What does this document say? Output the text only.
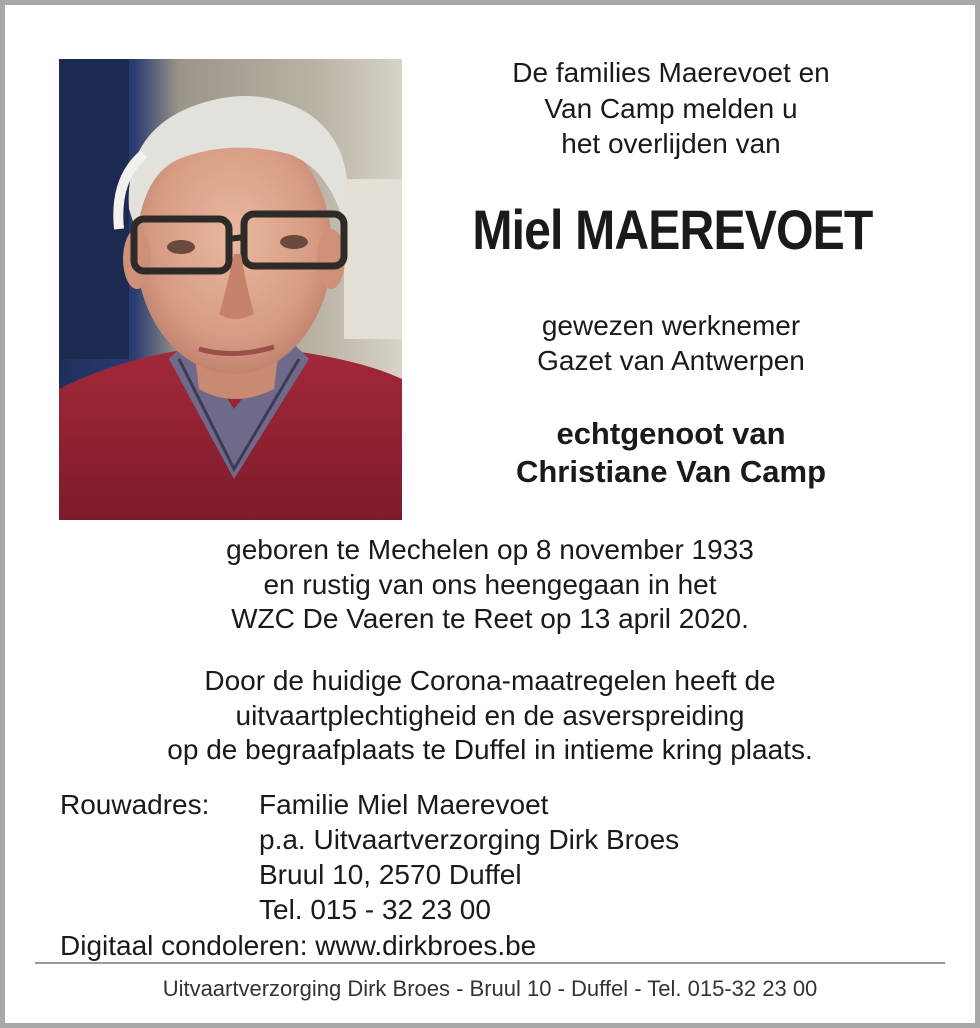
De families Maerevoet en
Van Camp melden u
het overlijden van
Miel MAEREVOET
gewezen werknemer
Gazet van Antwerpen
echtgenoot van
Christiane Van Camp
geboren te Mechelen op 8 november 1933
en rustig van ons heengegaan in het
WZC De Vaeren te Reet op 13 april 2020.
Door de huidige Corona-maatregelen heeft de
uitvaartplechtigheid en de asverspreiding
op de begraafplaats te Duffel in intieme kring plaats.
Rouwadres: Familie Miel Maerevoet
p.a. Uitvaartverzorging Dirk Broes
Bruul 10, 2570 Duffel
Tel. 015 - 32 23 00
Digitaal condoleren: www.dirkbroes.be
Uitvaartverzorging Dirk Broes - Bruul 10 - Duffel - Tel. 015-32 23 00
